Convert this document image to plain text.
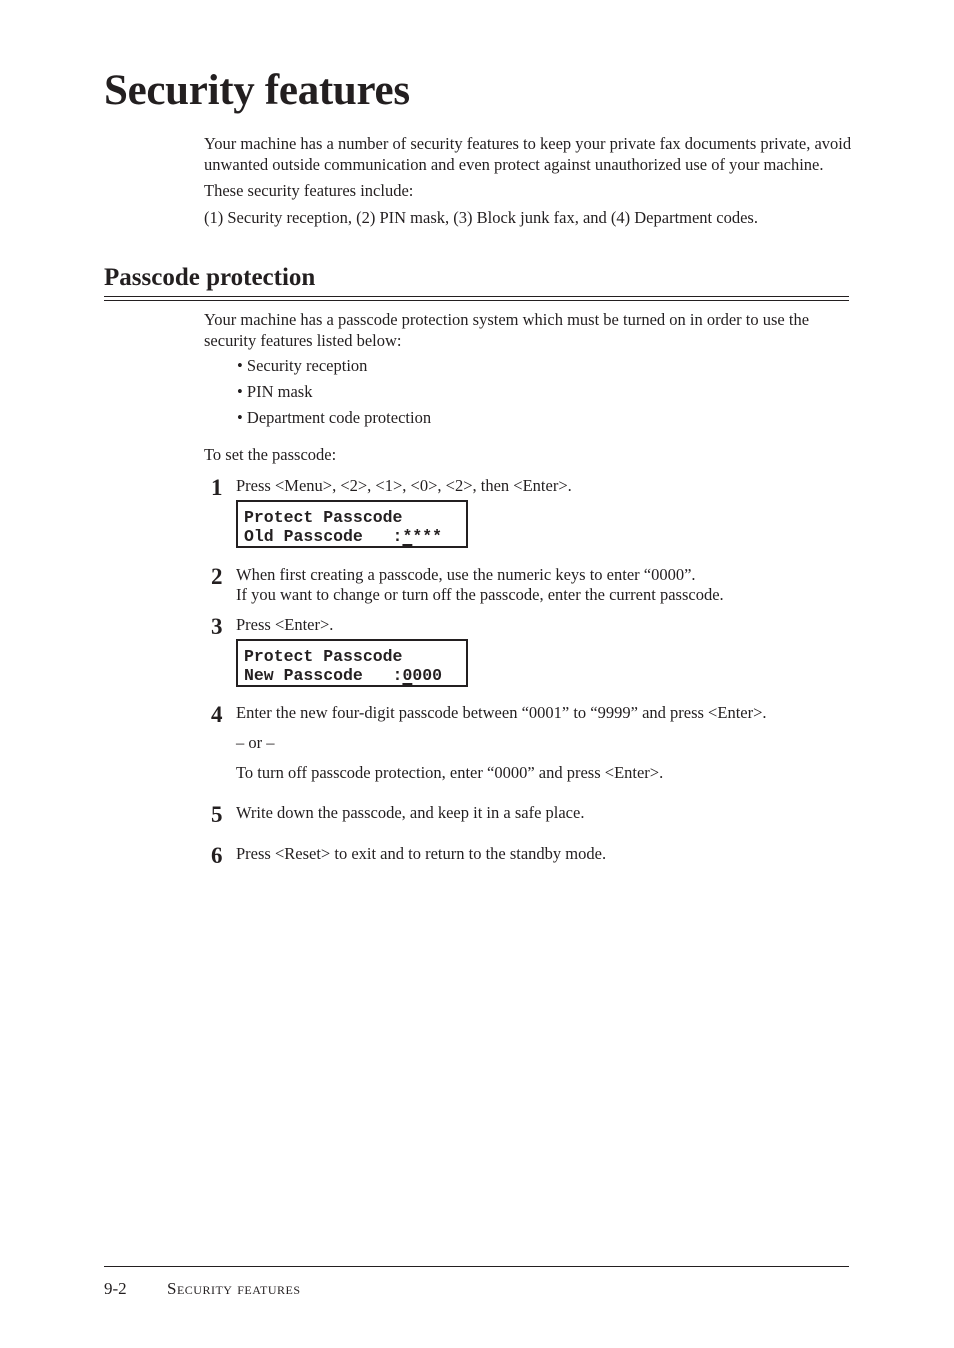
Security features

Your machine has a number of security features to keep your private fax documents private, avoid unwanted outside communication and even protect against unauthorized use of your machine.

These security features include:

(1) Security reception, (2) PIN mask, (3) Block junk fax, and (4) Department codes.

Passcode protection

Your machine has a passcode protection system which must be turned on in order to use the security features listed below:

• Security reception
• PIN mask
• Department code protection
To set the passcode:
1 Press <Menu>, <2>, <1>, <0>, <2>, then <Enter>.
Protect Passcode
Old Passcode   :****
2 When first creating a passcode, use the numeric keys to enter “0000”.
If you want to change or turn off the passcode, enter the current passcode.
3 Press <Enter>.
Protect Passcode
New Passcode   :0000
4 Enter the new four-digit passcode between “0001” to “9999” and press <Enter>.
– or –
To turn off passcode protection, enter “0000” and press <Enter>.
5 Write down the passcode, and keep it in a safe place.
6 Press <Reset> to exit and to return to the standby mode.
9-2 Security features
